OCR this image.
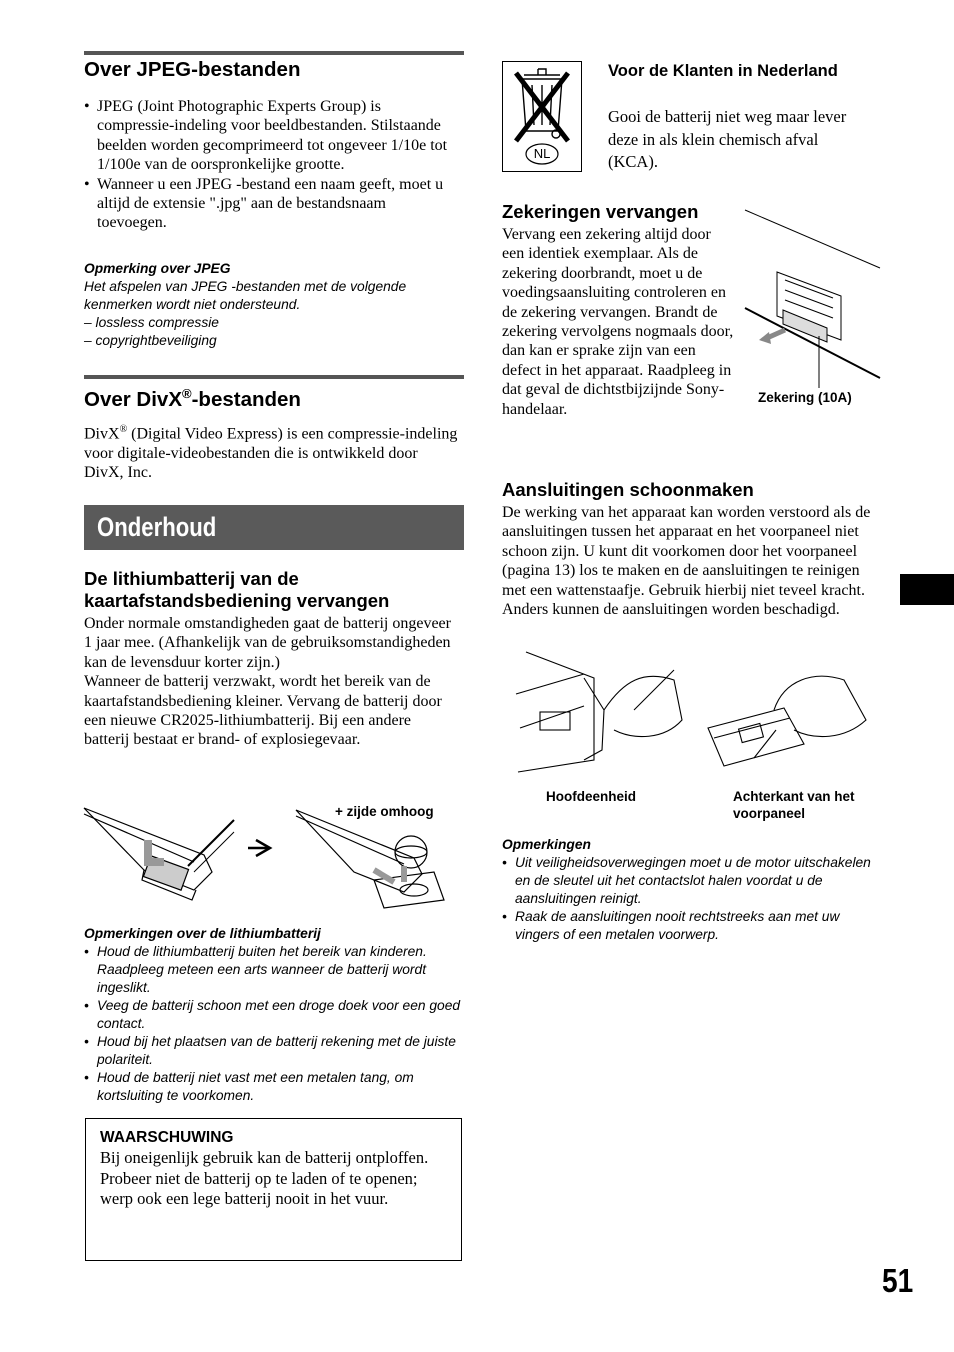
Over JPEG-bestanden
• JPEG (Joint Photographic Experts Group) is compressie-indeling voor beeldbestanden. Stilstaande beelden worden gecomprimeerd tot ongeveer 1/10e tot 1/100e van de oorspronkelijke grootte.
• Wanneer u een JPEG -bestand een naam geeft, moet u altijd de extensie ".jpg" aan de bestandsnaam toevoegen.
Opmerking over JPEG
Het afspelen van JPEG -bestanden met de volgende kenmerken wordt niet ondersteund.
– lossless compressie
– copyrightbeveiliging
Over DivX®-bestanden

DivX® (Digital Video Express) is een compressie-indeling voor digitale-videobestanden die is ontwikkeld door DivX, Inc.

Onderhoud
De lithiumbatterij van de kaartafstandsbediening vervangen
Onder normale omstandigheden gaat de batterij ongeveer 1 jaar mee. (Afhankelijk van de gebruiksomstandigheden kan de levensduur korter zijn.)
Wanneer de batterij verzwakt, wordt het bereik van de kaartafstandsbediening kleiner. Vervang de batterij door een nieuwe CR2025-lithiumbatterij. Bij een andere batterij bestaat er brand- of explosiegevaar.
+ zijde omhoog
Opmerkingen over de lithiumbatterij
• Houd de lithiumbatterij buiten het bereik van kinderen. Raadpleeg meteen een arts wanneer de batterij wordt ingeslikt.
• Veeg de batterij schoon met een droge doek voor een goed contact.
• Houd bij het plaatsen van de batterij rekening met de juiste polariteit.
• Houd de batterij niet vast met een metalen tang, om kortsluiting te voorkomen.
WAARSCHUWING
Bij oneigenlijk gebruik kan de batterij ontploffen.
Probeer niet de batterij op te laden of te openen; werp ook een lege batterij nooit in het vuur.
NL
Voor de Klanten in Nederland

Gooi de batterij niet weg maar lever deze in als klein chemisch afval (KCA).

Zekeringen vervangen

Vervang een zekering altijd door een identiek exemplaar. Als de zekering doorbrandt, moet u de voedingsaansluiting controleren en de zekering vervangen. Brandt de zekering vervolgens nogmaals door, dan kan er sprake zijn van een defect in het apparaat. Raadpleeg in dat geval de dichtstbijzijnde Sony-handelaar.

Zekering (10A)
Aansluitingen schoonmaken

De werking van het apparaat kan worden verstoord als de aansluitingen tussen het apparaat en het voorpaneel niet schoon zijn. U kunt dit voorkomen door het voorpaneel (pagina 13) los te maken en de aansluitingen te reinigen met een wattenstaafje. Gebruik hierbij niet teveel kracht. Anders kunnen de aansluitingen worden beschadigd.

Hoofdeenheid	Achterkant van het voorpaneel
Opmerkingen
• Uit veiligheidsoverwegingen moet u de motor uitschakelen en de sleutel uit het contactslot halen voordat u de aansluitingen reinigt.
• Raak de aansluitingen nooit rechtstreeks aan met uw vingers of een metalen voorwerp.
51
